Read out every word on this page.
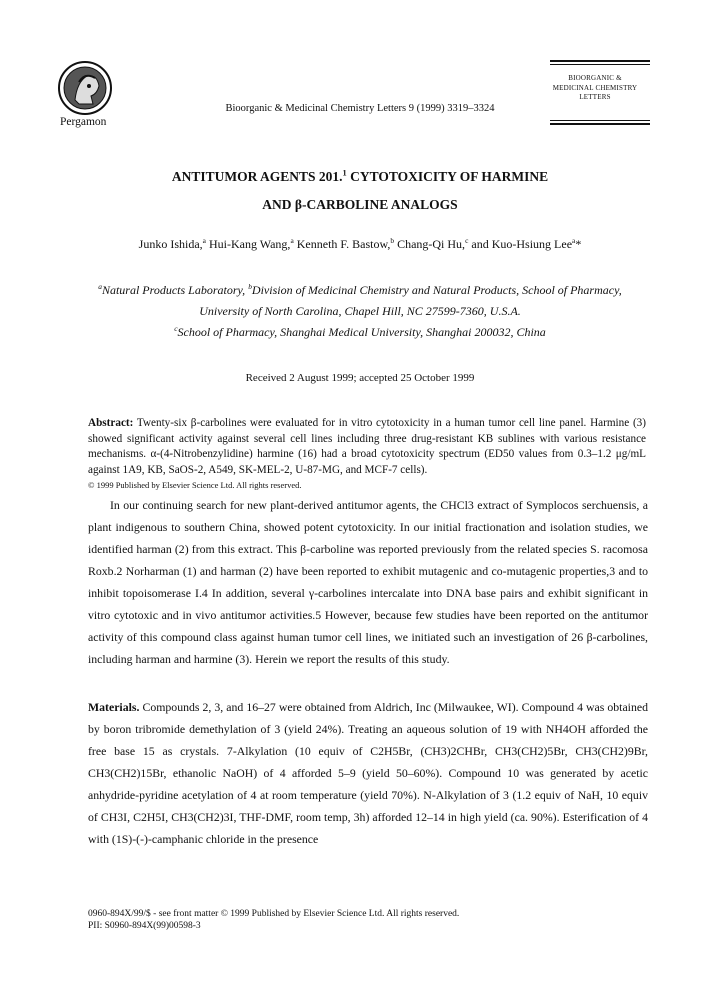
Pergamon
Bioorganic & Medicinal Chemistry Letters 9 (1999) 3319–3324
BIOORGANIC &
MEDICINAL CHEMISTRY
LETTERS
ANTITUMOR AGENTS 201.$^1$ CYTOTOXICITY OF HARMINE
AND β-CARBOLINE ANALOGS
Junko Ishida,$^a$ Hui-Kang Wang,$^a$ Kenneth F. Bastow,$^b$ Chang-Qi Hu,$^c$ and Kuo-Hsiung Lee$^a$*
$^a$Natural Products Laboratory, $^b$Division of Medicinal Chemistry and Natural Products, School of Pharmacy,
University of North Carolina, Chapel Hill, NC 27599-7360, U.S.A.
$^c$School of Pharmacy, Shanghai Medical University, Shanghai 200032, China
Received 2 August 1999; accepted 25 October 1999
Abstract: Twenty-six β-carbolines were evaluated for in vitro cytotoxicity in a human tumor cell line panel. Harmine (3) showed significant activity against several cell lines including three drug-resistant KB sublines with various resistance mechanisms. α-(4-Nitrobenzylidine) harmine (16) had a broad cytotoxicity spectrum (ED50 values from 0.3–1.2 μg/mL against 1A9, KB, SaOS-2, A549, SK-MEL-2, U-87-MG, and MCF-7 cells).
© 1999 Published by Elsevier Science Ltd. All rights reserved.
In our continuing search for new plant-derived antitumor agents, the CHCl3 extract of Symplocos serchuensis, a plant indigenous to southern China, showed potent cytotoxicity. In our initial fractionation and isolation studies, we identified harman (2) from this extract. This β-carboline was reported previously from the related species S. racomosa Roxb.2 Norharman (1) and harman (2) have been reported to exhibit mutagenic and co-mutagenic properties,3 and to inhibit topoisomerase I.4 In addition, several γ-carbolines intercalate into DNA base pairs and exhibit significant in vitro cytotoxic and in vivo antitumor activities.5 However, because few studies have been reported on the antitumor activity of this compound class against human tumor cell lines, we initiated such an investigation of 26 β-carbolines, including harman and harmine (3). Herein we report the results of this study.
Materials. Compounds 2, 3, and 16–27 were obtained from Aldrich, Inc (Milwaukee, WI). Compound 4 was obtained by boron tribromide demethylation of 3 (yield 24%). Treating an aqueous solution of 19 with NH4OH afforded the free base 15 as crystals. 7-Alkylation (10 equiv of C2H5Br, (CH3)2CHBr, CH3(CH2)5Br, CH3(CH2)9Br, CH3(CH2)15Br, ethanolic NaOH) of 4 afforded 5–9 (yield 50–60%). Compound 10 was generated by acetic anhydride-pyridine acetylation of 4 at room temperature (yield 70%). N-Alkylation of 3 (1.2 equiv of NaH, 10 equiv of CH3I, C2H5I, CH3(CH2)3I, THF-DMF, room temp, 3h) afforded 12–14 in high yield (ca. 90%). Esterification of 4 with (1S)-(-)-camphanic chloride in the presence
0960-894X/99/$ - see front matter © 1999 Published by Elsevier Science Ltd. All rights reserved.
PII: S0960-894X(99)00598-3
